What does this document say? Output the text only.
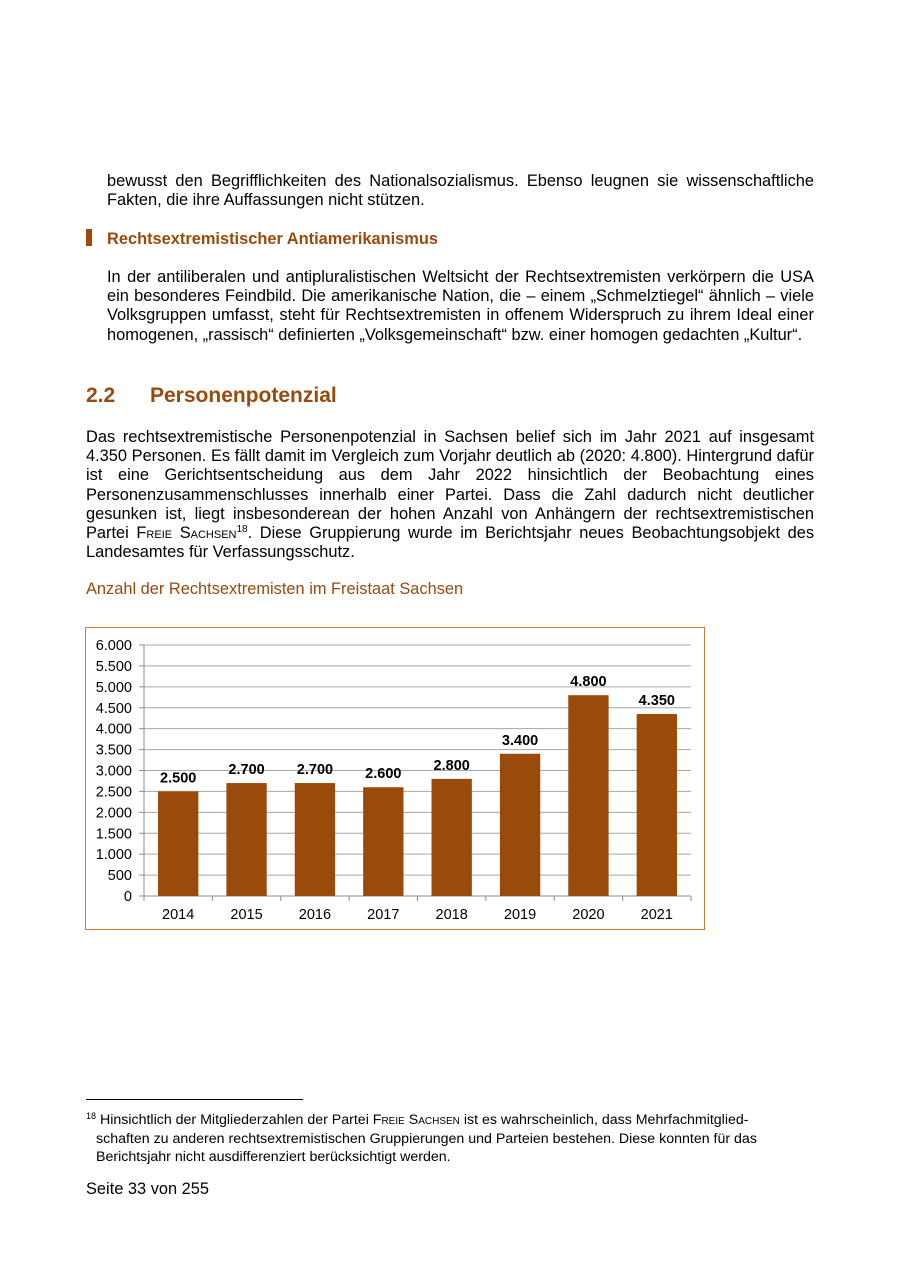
bewusst den Begrifflichkeiten des Nationalsozialismus. Ebenso leugnen sie wissenschaftliche
Fakten, die ihre Auffassungen nicht stützen.
Rechtsextremistischer Antiamerikanismus
In der antiliberalen und antipluralistischen Weltsicht der Rechtsextremisten verkörpern die USA
ein besonderes Feindbild. Die amerikanische Nation, die – einem „Schmelztiegel“ ähnlich – viele
Volksgruppen umfasst, steht für Rechtsextremisten in offenem Widerspruch zu ihrem Ideal einer
homogenen, „rassisch“ definierten „Volksgemeinschaft“ bzw. einer homogen gedachten „Kultur“.
2.2 Personenpotenzial
Das rechtsextremistische Personenpotenzial in Sachsen belief sich im Jahr 2021 auf insgesamt
4.350 Personen. Es fällt damit im Vergleich zum Vorjahr deutlich ab (2020: 4.800). Hintergrund dafür
ist eine Gerichtsentscheidung aus dem Jahr 2022 hinsichtlich der Beobachtung eines
Personenzusammenschlusses innerhalb einer Partei. Dass die Zahl dadurch nicht deutlicher
gesunken ist, liegt insbesonderean der hohen Anzahl von Anhängern der rechtsextremistischen
Partei Freie Sachsen$^{18}$. Diese Gruppierung wurde im Berichtsjahr neues Beobachtungsobjekt des
Landesamtes für Verfassungsschutz.
Anzahl der Rechtsextremisten im Freistaat Sachsen
0
500
1.000
1.500
2.000
2.500
3.000
3.500
4.000
4.500
5.000
5.500
6.000
2.500
2014
2.700
2015
2.700
2016
2.600
2017
2.800
2018
3.400
2019
4.800
2020
4.350
2021
$^{18}$ Hinsichtlich der Mitgliederzahlen der Partei Freie Sachsen ist es wahrscheinlich, dass Mehrfachmitglied-
schaften zu anderen rechtsextremistischen Gruppierungen und Parteien bestehen. Diese konnten für das
Berichtsjahr nicht ausdifferenziert berücksichtigt werden.
Seite 33 von 255
